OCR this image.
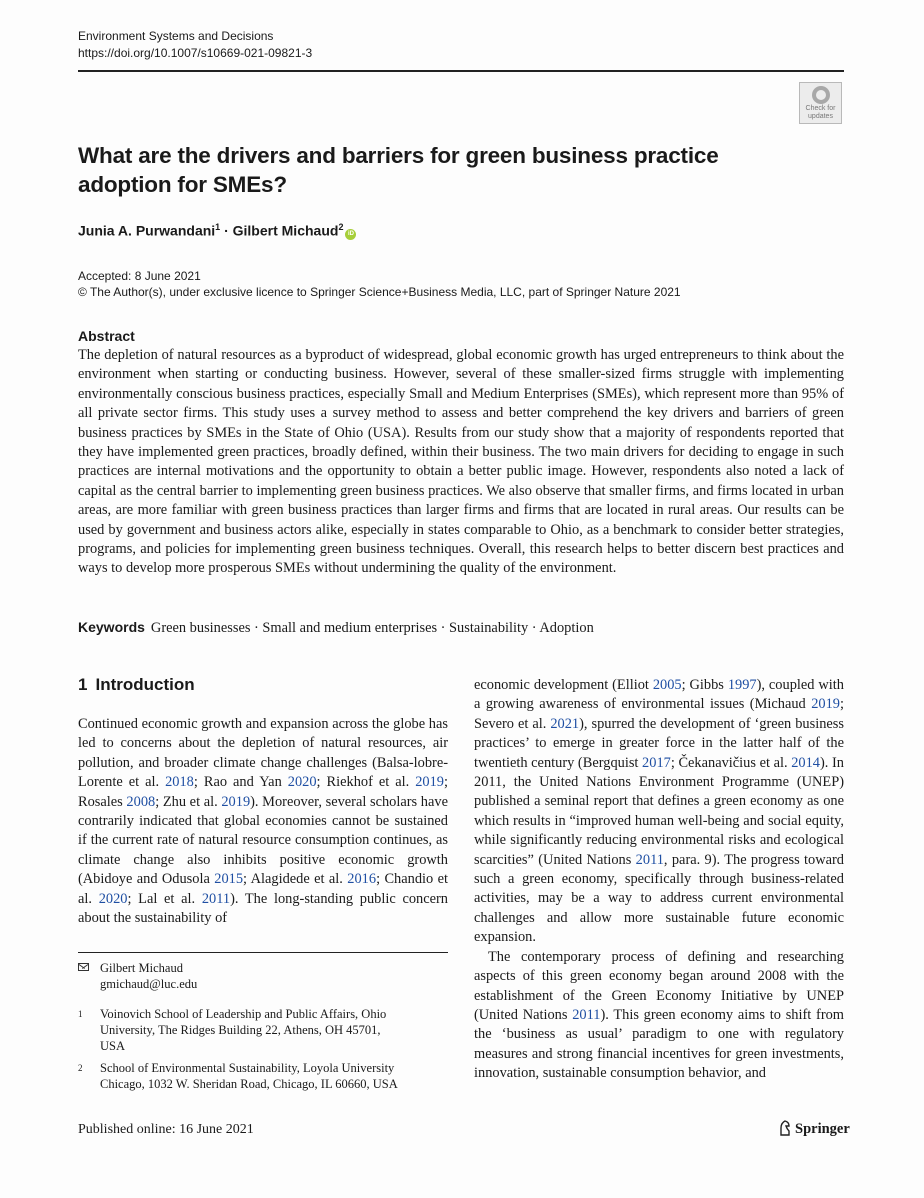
Environment Systems and Decisions
https://doi.org/10.1007/s10669-021-09821-3
Check for
updates
What are the drivers and barriers for green business practice adoption for SMEs?
Junia A. Purwandani$^1$ · Gilbert Michaud$^2$iD
Accepted: 8 June 2021
© The Author(s), under exclusive licence to Springer Science+Business Media, LLC, part of Springer Nature 2021
Abstract
The depletion of natural resources as a byproduct of widespread, global economic growth has urged entrepreneurs to think about the environment when starting or conducting business. However, several of these smaller-sized firms struggle with implementing environmentally conscious business practices, especially Small and Medium Enterprises (SMEs), which represent more than 95% of all private sector firms. This study uses a survey method to assess and better comprehend the key drivers and barriers of green business practices by SMEs in the State of Ohio (USA). Results from our study show that a majority of respondents reported that they have implemented green practices, broadly defined, within their business. The two main drivers for deciding to engage in such practices are internal motivations and the opportunity to obtain a better public image. However, respondents also noted a lack of capital as the central barrier to implementing green business practices. We also observe that smaller firms, and firms located in urban areas, are more familiar with green business practices than larger firms and firms that are located in rural areas. Our results can be used by government and business actors alike, especially in states comparable to Ohio, as a benchmark to consider better strategies, programs, and policies for implementing green business techniques. Overall, this research helps to better discern best practices and ways to develop more prosperous SMEs without undermining the quality of the environment.
Keywords Green businesses · Small and medium enterprises · Sustainability · Adoption
1 Introduction

Continued economic growth and expansion across the globe has led to concerns about the depletion of natural resources, air pollution, and broader climate change challenges (Balsa-lobre-Lorente et al. 2018; Rao and Yan 2020; Riekhof et al. 2019; Rosales 2008; Zhu et al. 2019). Moreover, several scholars have contrarily indicated that global economies cannot be sustained if the current rate of natural resource consumption continues, as climate change also inhibits positive economic growth (Abidoye and Odusola 2015; Alagidede et al. 2016; Chandio et al. 2020; Lal et al. 2011). The long-standing public concern about the sustainability of

economic development (Elliot 2005; Gibbs 1997), coupled with a growing awareness of environmental issues (Michaud 2019; Severo et al. 2021), spurred the development of ‘green business practices’ to emerge in greater force in the latter half of the twentieth century (Bergquist 2017; Čekanavičius et al. 2014). In 2011, the United Nations Environment Programme (UNEP) published a seminal report that defines a green economy as one which results in “improved human well-being and social equity, while significantly reducing environmental risks and ecological scarcities” (United Nations 2011, para. 9). The progress toward such a green economy, specifically through business-related activities, may be a way to address current environmental challenges and allow more sustainable future economic expansion.

The contemporary process of defining and researching aspects of this green economy began around 2008 with the establishment of the Green Economy Initiative by UNEP (United Nations 2011). This green economy aims to shift from the ‘business as usual’ paradigm to one with regulatory measures and strong financial incentives for green investments, innovation, sustainable consumption behavior, and

Gilbert Michaud
gmichaud@luc.edu
1 Voinovich School of Leadership and Public Affairs, Ohio
University, The Ridges Building 22, Athens, OH 45701,
USA
2 School of Environmental Sustainability, Loyola University
Chicago, 1032 W. Sheridan Road, Chicago, IL 60660, USA
Published online: 16 June 2021	Springer
